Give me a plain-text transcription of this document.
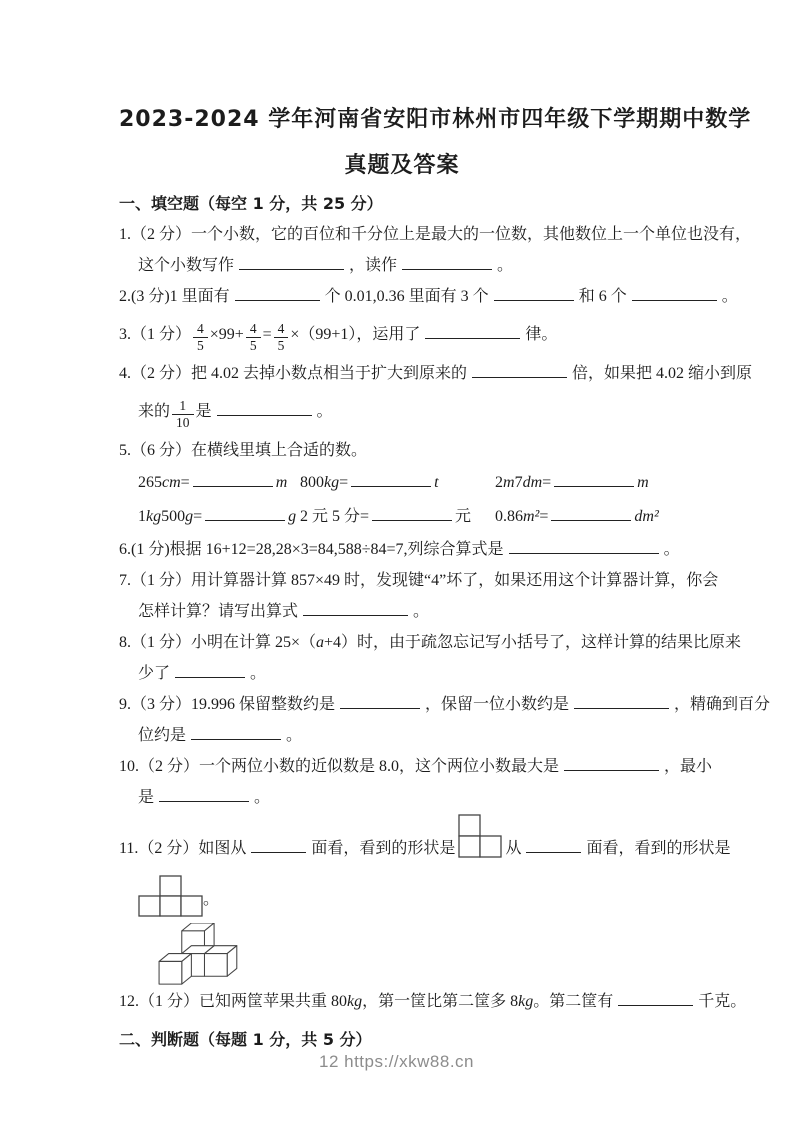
2023-2024 学年河南省安阳市林州市四年级下学期期中数学
真题及答案
一、填空题（每空 1 分，共 25 分）
1.（2 分）一个小数，它的百位和千分位上是最大的一位数，其他数位上一个单位也没有，
这个小数写作	，读作	。
2.(3 分)1 里面有	个 0.01,0.36 里面有 3 个	和 6 个	。
3.（1 分） $\frac{4}{5} \times 99+ \frac{4}{5} = \frac{4}{5} \times(99+1)$，运用了	律。
4.（2 分）把 4.02 去掉小数点相当于扩大到原来的	倍，如果把 4.02 缩小到原
来的 $\frac{1}{10}$ 是	。
5.（6 分）在横线里填上合适的数。
265cm=	m 800kg=	t	2m7dm=	m
1kg500g=	g 2 元 5 分=	元	0.86m²=	dm²
6.(1 分)根据 16+12=28,28×3=84,588÷84=7,列综合算式是	。
7.（1 分）用计算器计算 857×49 时，发现键“4”坏了，如果还用这个计算器计算，你会
怎样计算？请写出算式	。
8.（1 分）小明在计算 25×（a+4）时，由于疏忽忘记写小括号了，这样计算的结果比原来
少了	。
9.（3 分）19.996 保留整数约是	，保留一位小数约是	，精确到百分
位约是	。
10.（2 分）一个两位小数的近似数是 8.0，这个两位小数最大是	，最小
是	。
11.（2 分）如图从	面看，看到的形状是	从	面看，看到的形状是
。
12.（1 分）已知两筐苹果共重 80kg，第一筐比第二筐多 8kg。第二筐有	千克。
二、判断题（每题 1 分，共 5 分）
12 https://xkw88.cn
